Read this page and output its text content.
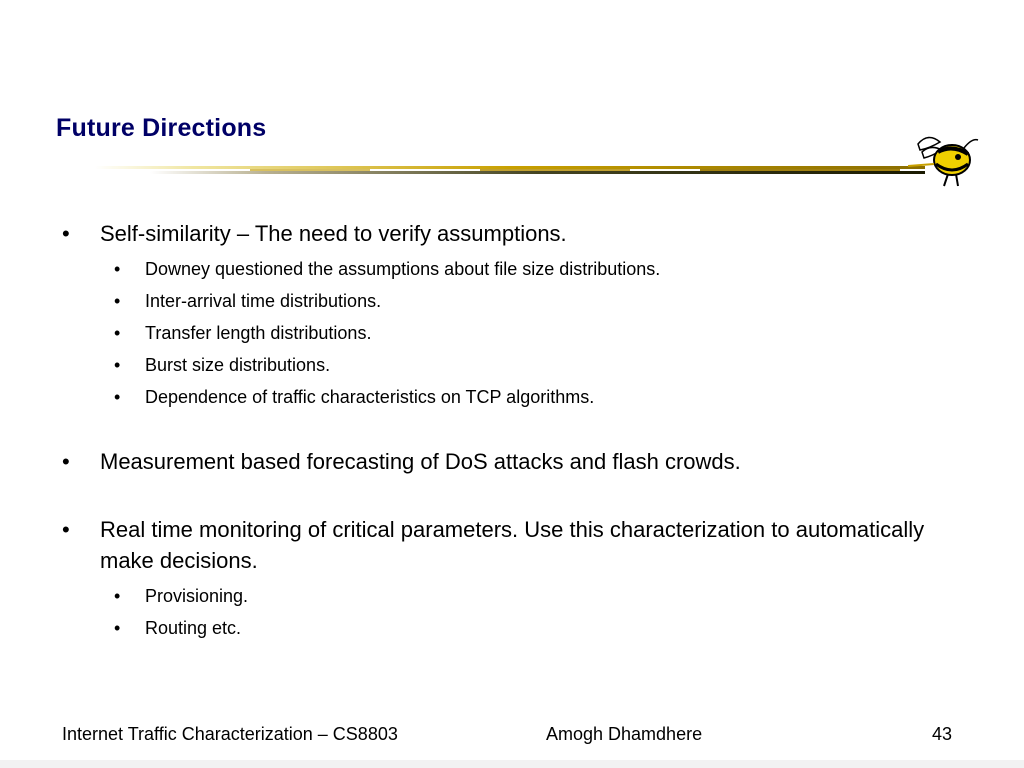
Future Directions
• Self-similarity – The need to verify assumptions.
• Downey questioned the assumptions about file size distributions.
• Inter-arrival time distributions.
• Transfer length distributions.
• Burst size distributions.
• Dependence of traffic characteristics on TCP algorithms.
• Measurement based forecasting of DoS attacks and flash crowds.
• Real time monitoring of critical parameters. Use this characterization to automatically make decisions.
• Provisioning.
• Routing etc.
Internet Traffic Characterization – CS8803	Amogh Dhamdhere	43
